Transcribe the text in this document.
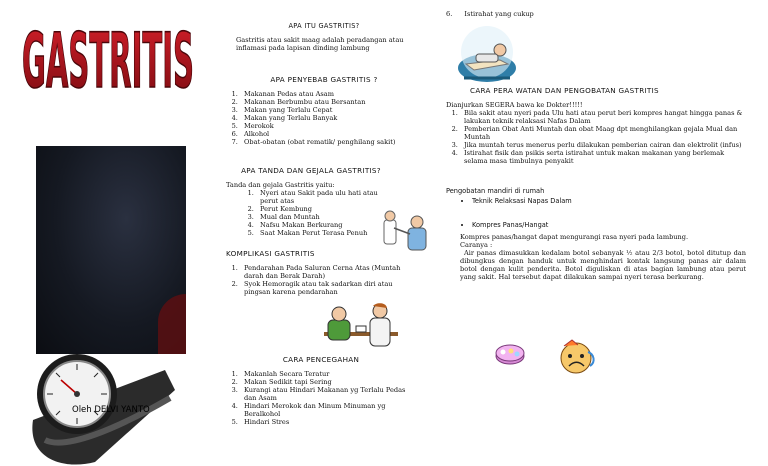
GASTRITIS
Oleh DELVI YANTO
APA ITU GASTRITIS?

Gastritis atau sakit maag adalah peradangan atau inflamasi pada lapisan dinding lambung

APA PENYEBAB GASTRITIS ?
1. Makanan Pedas atau Asam
2. Makanan Berbumbu atau Bersantan
3. Makan yang Terlalu Cepat
4. Makan yang Terlalu Banyak
5. Merokok
6. Alkohol
7. Obat-obatan (obat rematik/ penghilang sakit)
APA TANDA DAN GEJALA GASTRITIS?

Tanda dan gejala Gastritis yaitu:

1. Nyeri atau Sakit pada ulu hati atau perut atas
2. Perut Kembung
3. Mual dan Muntah
4. Nafsu Makan Berkurang
5. Saat Makan Perut Terasa Penuh
KOMPLIKASI GASTRITIS
1. Pendarahan Pada Saluran Cerna Atas (Muntah darah dan Berak Darah)
2. Syok Hemoragik atau tak sadarkan diri atau pingsan karena pendarahan
CARA PENCEGAHAN
1. Makanlah Secara Teratur
2. Makan Sedikit tapi Sering
3. Kurangi atau Hindari Makanan yg Terlalu Pedas dan Asam
4. Hindari Merokok dan Minum Minuman yg Beralkohol
5. Hindari Stres
6. Istirahat yang cukup
CARA PERA WATAN DAN PENGOBATAN GASTRITIS

Dianjurkan SEGERA bawa ke Dokter!!!!!

1. Bila sakit atau nyeri pada Ulu hati atau perut beri kompres hangat hingga panas & lakukan teknik relaksasi Nafas Dalam
2. Pemberian Obat Anti Muntah dan obat Maag dpt menghilangkan gejala Mual dan Muntah
3. Jika muntah terus menerus perlu dilakukan pemberian cairan dan elektrolit (infus)
4. Istirahat fisik dan psikis serta istirahat untuk makan makanan yang berlemak selama masa timbulnya penyakit

Pengobatan mandiri di rumah

• Teknik Relaksasi Napas Dalam
• Kompres Panas/Hangat

Kompres panas/hangat dapat mengurangi rasa nyeri pada lambung.

Caranya :

Air panas dimasukkan kedalam botol sebanyak ½ atau 2/3 botol, botol ditutup dan dibungkus dengan handuk untuk menghindari kontak langsung panas air dalam botol dengan kulit penderita. Botol diguliskan di atas bagian lambung atau perut yang sakit. Hal tersebut dapat dilakukan sampai nyeri terasa berkurang.
